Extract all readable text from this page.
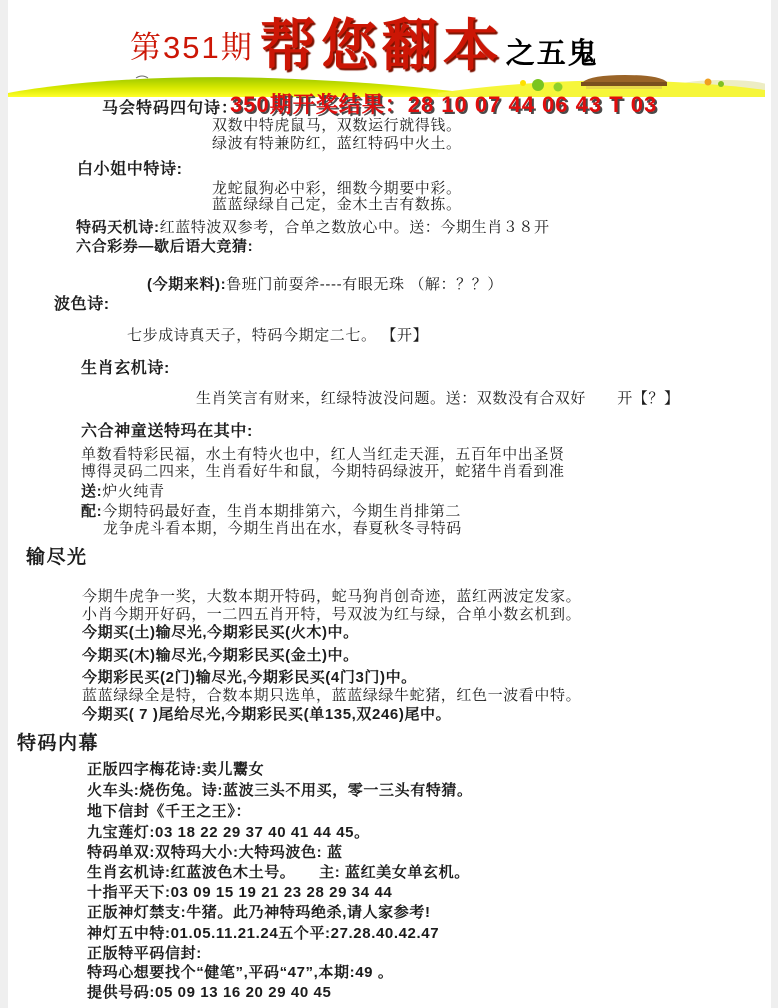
第351期 帮您翻本 之五鬼
马会特码四句诗：
350期开奖结果：28 10 07 44 06 43 T 03
双数中特虎鼠马，双数运行就得钱。
绿波有特兼防红，蓝红特码中火土。
白小姐中特诗:
龙蛇鼠狗必中彩，细数今期要中彩。
蓝蓝绿绿自己定，金木土吉有数拣。
特码天机诗:红蓝特波双参考，合单之数放心中。送：今期生肖３８开
六合彩券—歇后语大竞猜:
(今期来料):鲁班门前耍斧----有眼无珠 （解：？？）
波色诗:
七步成诗真天子，特码今期定二七。 【开】
生肖玄机诗:
生肖笑言有财来，红绿特波没问题。送：双数没有合双好　　开【？】
六合神童送特玛在其中:
单数看特彩民福，水土有特火也中，红人当红走天涯，五百年中出圣贤
博得灵码二四来，生肖看好牛和鼠，今期特码绿波开，蛇猪牛肖看到准
送:炉火纯青
配:今期特码最好查，生肖本期排第六，今期生肖排第二
龙争虎斗看本期，今期生肖出在水，春夏秋冬寻特码
输尽光
今期牛虎争一奖，大数本期开特码，蛇马狗肖创奇迹，蓝红两波定发家。
小肖今期开好码，一二四五肖开特，号双波为红与绿，合单小数玄机到。
今期买(土)输尽光,今期彩民买(火木)中。
今期买(木)输尽光,今期彩民买(金土)中。
今期彩民买(2门)输尽光,今期彩民买(4门3门)中。
蓝蓝绿绿全是特，合数本期只选单，蓝蓝绿绿牛蛇猪，红色一波看中特。
今期买( 7 )尾给尽光,今期彩民买(单135,双246)尾中。
特码内幕
正版四字梅花诗:卖儿鬻女
火车头:烧伤兔。诗:蓝波三头不用买，零一三头有特猜。
地下信封《千王之王》：
九宝莲灯:03 18 22 29 37 40 41 44 45。
特码单双:双特玛大小:大特玛波色: 蓝
生肖玄机诗:红蓝波色木土号。　　主: 蓝红美女单玄机。
十指平天下:03 09 15 19 21 23 28 29 34 44
正版神灯禁支:牛猪。此乃神特玛绝杀,请人家参考!
神灯五中特:01.05.11.21.24五个平:27.28.40.42.47
正版特平码信封:
特玛心想要找个“健笔”,平码“47”,本期:49 。
提供号码:05 09 13 16 20 29 40 45
